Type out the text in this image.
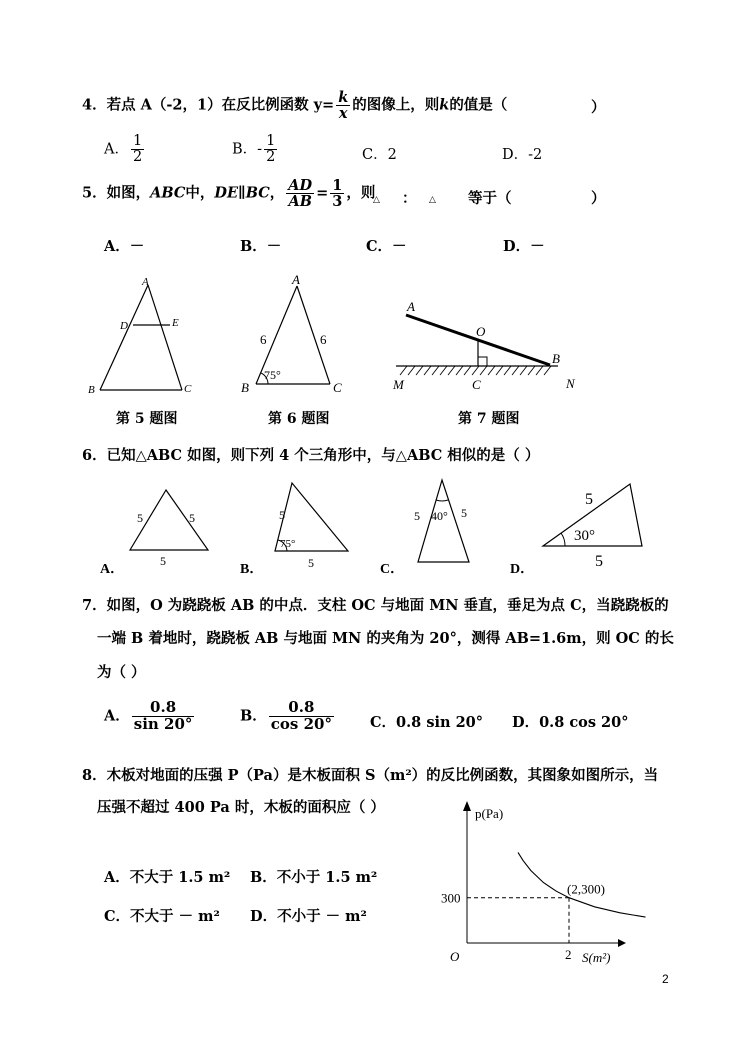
4．若点 A（-2，1）在反比例函数 $y= \frac{k}{x}$ 的图像上，则k的值是（	）
A． $\frac{1}{2}$	B．- $\frac{1}{2}$	C．2	D．-2
5．如图，ABC中，DE∥BC， $\frac{AD}{AB} = \frac{1}{3}$ ，则
△ ： △ 等于（	）
A．－	B．－	C．－	D．－
A
D	E
B	C
第 5 题图
A
6	6
75°
B	C
第 6 题图
A
O
B
M	C	N
第 7 题图
6．已知△ABC 如图，则下列 4 个三角形中，与△ABC 相似的是（ ）
5	5
5
A．
5
75°
5
B．
5 40° 5
C．
5
30°
5
D．
7．如图，O 为跷跷板 AB 的中点．支柱 OC 与地面 MN 垂直，垂足为点 C，当跷跷板的
一端 B 着地时，跷跷板 AB 与地面 MN 的夹角为 20°，测得 AB=1.6m，则 OC 的长
为（ ）
A． $\frac{0.8}{\sin 20^\circ}$	B． $\frac{0.8}{\cos 20^\circ}$ C．0.8 sin 20° D．0.8 cos 20°
8．木板对地面的压强 P（Pa）是木板面积 S（m²）的反比例函数，其图象如图所示，当
压强不超过 400 Pa 时，木板的面积应（ ）
A．不大于 1.5 m² B．不小于 1.5 m²
C．不大于 － m² D．不小于 － m²
p(Pa)
S(m²)
O
300
2
(2,300)
2
